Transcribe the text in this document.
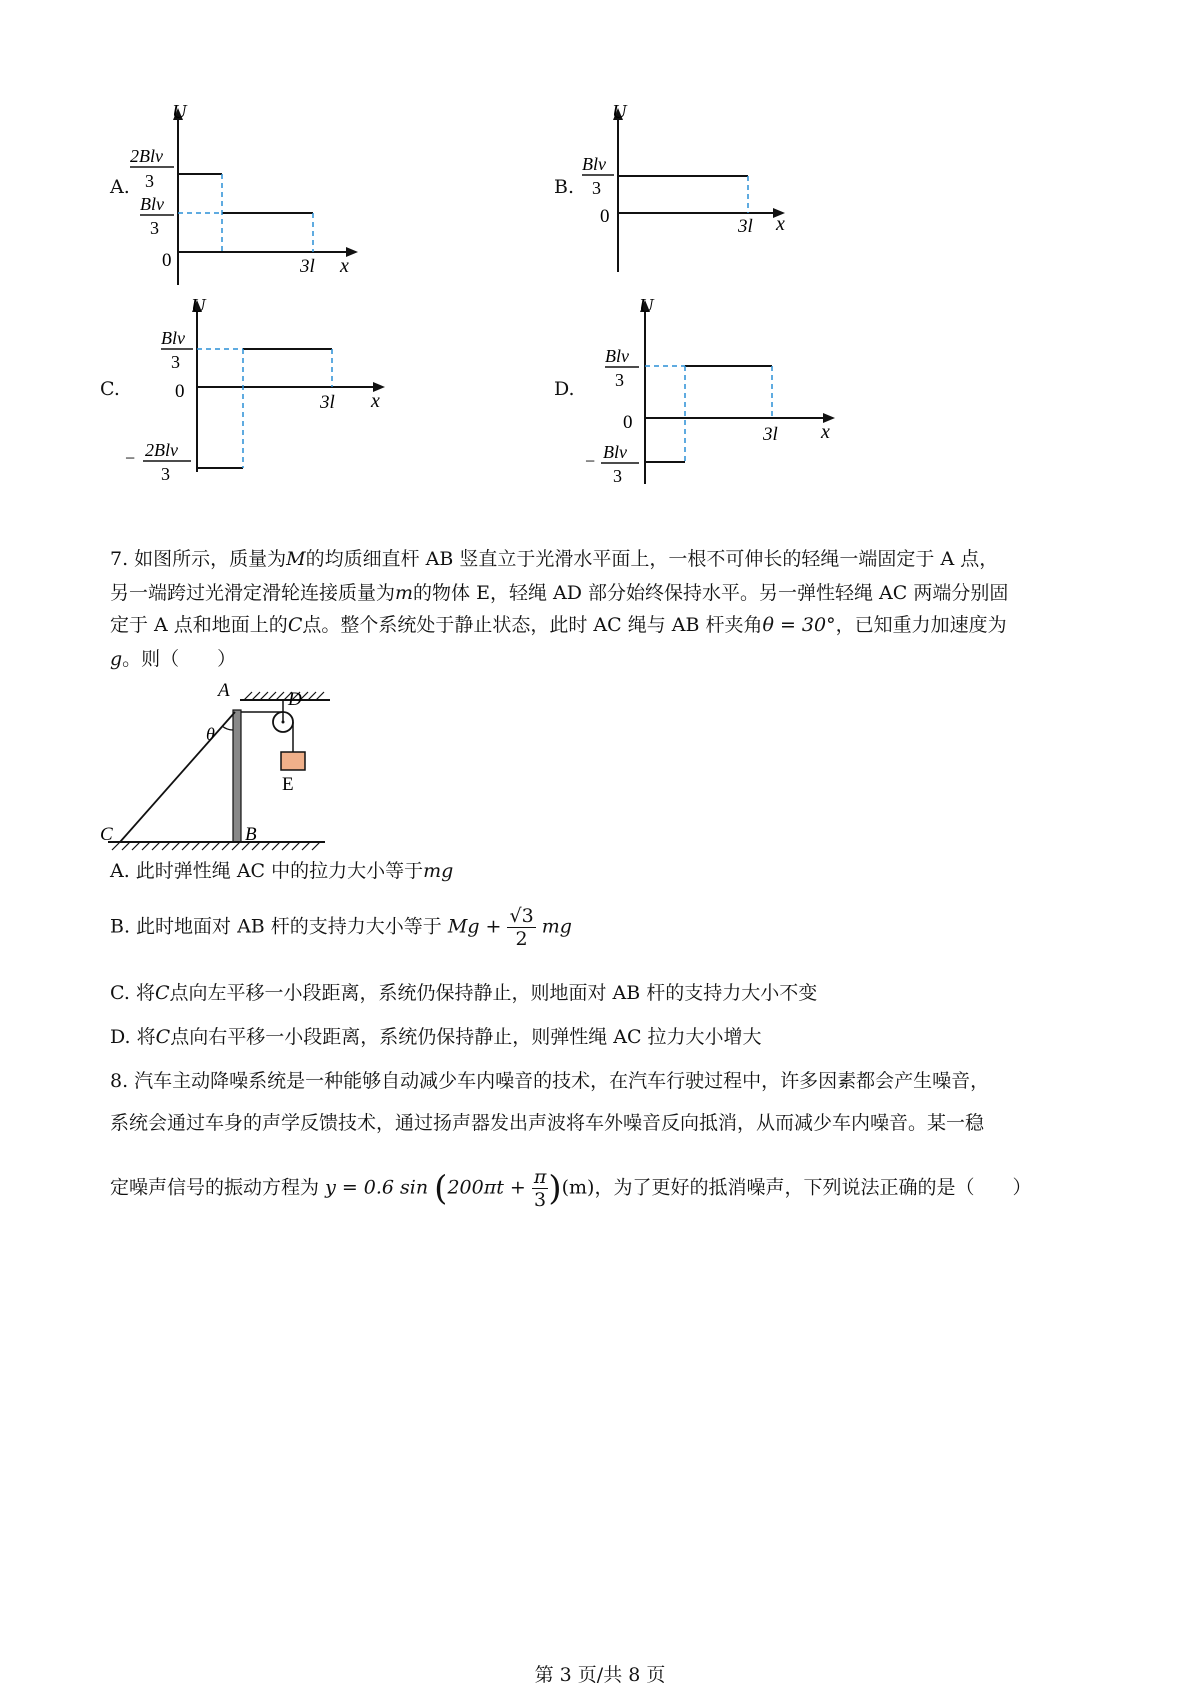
A.
U
x
0	3l
2Blv
3
Blv
3
B.
U
x
0	3l
Blv
3
C.
U
x
0
3l
Blv
3
− 2Blv
3
D.
U
x
0
3l
Blv
3
− Blv
3
7. 如图所示，质量为M的均质细直杆 AB 竖直立于光滑水平面上，一根不可伸长的轻绳一端固定于 A 点，
另一端跨过光滑定滑轮连接质量为m的物体 E，轻绳 AD 部分始终保持水平。另一弹性轻绳 AC 两端分别固
定于 A 点和地面上的C点。整个系统处于静止状态，此时 AC 绳与 AB 杆夹角θ = 30°，已知重力加速度为
g。则（　　）
A	D
E
B
C
θ
A. 此时弹性绳 AC 中的拉力大小等于mg
B. 此时地面对 AB 杆的支持力大小等于 $Mg + \frac{√3}{2}$ mg
C. 将C点向左平移一小段距离，系统仍保持静止，则地面对 AB 杆的支持力大小不变
D. 将C点向右平移一小段距离，系统仍保持静止，则弹性绳 AC 拉力大小增大
8. 汽车主动降噪系统是一种能够自动减少车内噪音的技术，在汽车行驶过程中，许多因素都会产生噪音，
系统会通过车身的声学反馈技术，通过扬声器发出声波将车外噪音反向抵消，从而减少车内噪音。某一稳
定噪声信号的振动方程为 y = 0.6 $\sin (200\pi t + \frac{\pi}{3} )(m)$，为了更好的抵消噪声，下列说法正确的是（　　）
第 3 页/共 8 页
